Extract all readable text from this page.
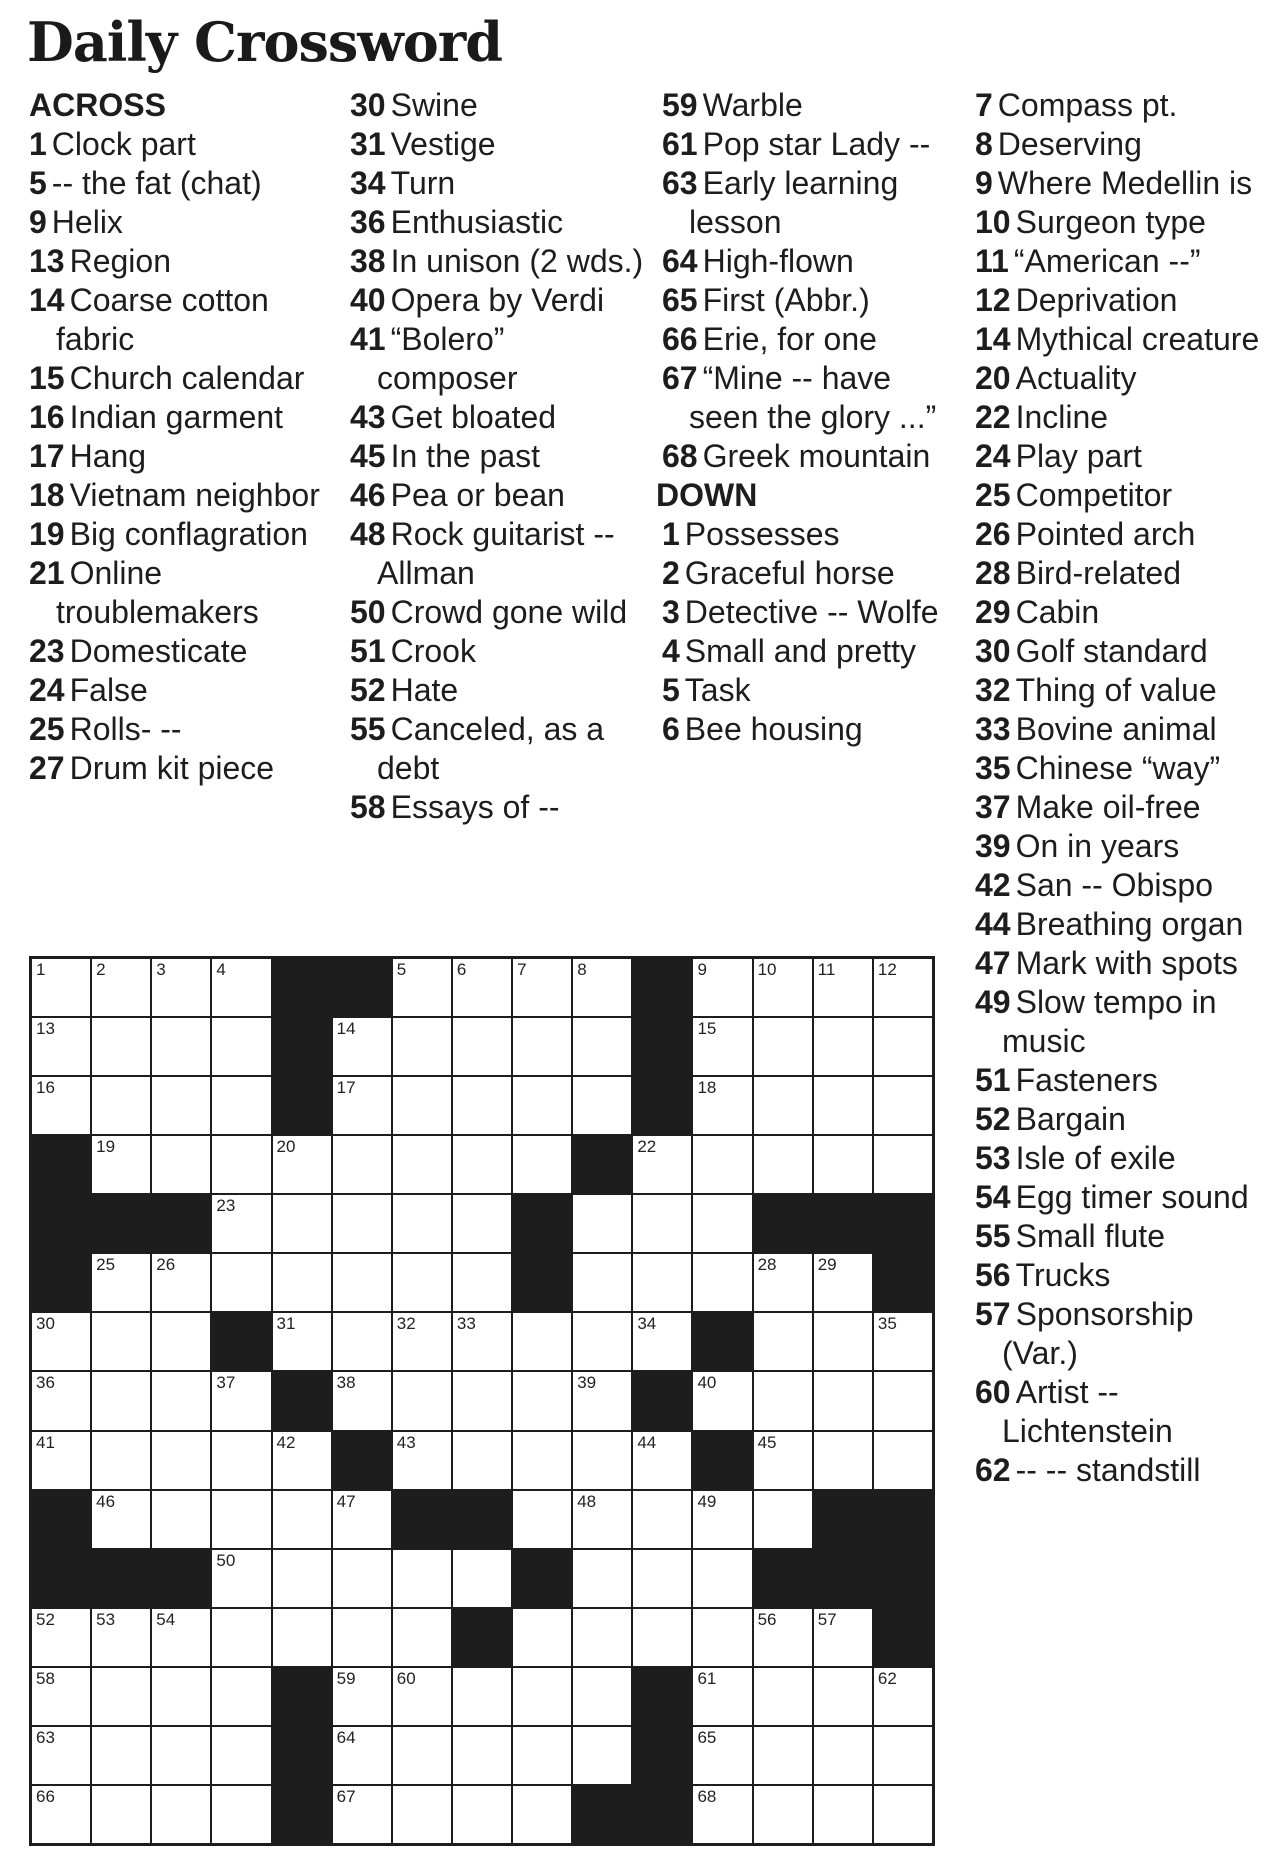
Daily Crossword
ACROSS
1 Clock part
5 -- the fat (chat)
9 Helix
13 Region
14 Coarse cotton fabric
15 Church calendar
16 Indian garment
17 Hang
18 Vietnam neighbor
19 Big conflagration
21 Online troublemakers
23 Domesticate
24 False
25 Rolls- --
27 Drum kit piece
30 Swine
31 Vestige
34 Turn
36 Enthusiastic
38 In unison (2 wds.)
40 Opera by Verdi
41 “Bolero” composer
43 Get bloated
45 In the past
46 Pea or bean
48 Rock guitarist -- Allman
50 Crowd gone wild
51 Crook
52 Hate
55 Canceled, as a debt
58 Essays of --
59 Warble
61 Pop star Lady --
63 Early learning lesson
64 High-flown
65 First (Abbr.)
66 Erie, for one
67 “Mine -- have seen the glory ...”
68 Greek mountain
DOWN
1 Possesses
2 Graceful horse
3 Detective -- Wolfe
4 Small and pretty
5 Task
6 Bee housing
7 Compass pt.
8 Deserving
9 Where Medellin is
10 Surgeon type
11 “American --”
12 Deprivation
14 Mythical creature
20 Actuality
22 Incline
24 Play part
25 Competitor
26 Pointed arch
28 Bird-related
29 Cabin
30 Golf standard
32 Thing of value
33 Bovine animal
35 Chinese “way”
37 Make oil-free
39 On in years
42 San -- Obispo
44 Breathing organ
47 Mark with spots
49 Slow tempo in music
51 Fasteners
52 Bargain
53 Isle of exile
54 Egg timer sound
55 Small flute
56 Trucks
57 Sponsorship (Var.)
60 Artist -- Lichtenstein
62 -- -- standstill
1	2	3	4	5	6	7	8	9	10 11 12
13	14	15
16	17	18
19	20	22
23
25 26	28 29
30	31	32 33	34	35
36	37	38	39	40
41	42	43	44	45
46	47	48	49
50
52 53 54	56 57
58	59 60	61	62
63	64	65
66	67	68
